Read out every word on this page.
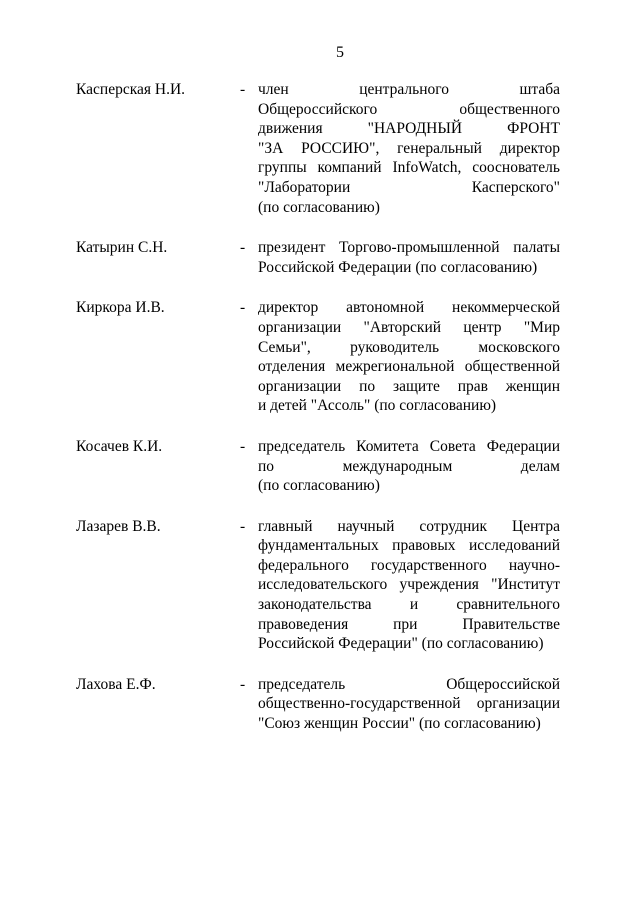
5
Касперская Н.И.	- член центрального штаба
Общероссийского общественного
движения "НАРОДНЫЙ ФРОНТ
"ЗА РОССИЮ", генеральный директор
группы компаний InfoWatch, сооснователь
"Лаборатории Касперского"
(по согласованию)
Катырин С.Н.	- президент Торгово-промышленной палаты
Российской Федерации (по согласованию)
Киркора И.В.	- директор автономной некоммерческой
организации "Авторский центр "Мир
Семьи", руководитель московского
отделения межрегиональной общественной
организации по защите прав женщин
и детей "Ассоль" (по согласованию)
Косачев К.И.	- председатель Комитета Совета Федерации
по международным делам
(по согласованию)
Лазарев В.В.	- главный научный сотрудник Центра
фундаментальных правовых исследований
федерального государственного научно-
исследовательского учреждения "Институт
законодательства и сравнительного
правоведения при Правительстве
Российской Федерации" (по согласованию)
Лахова Е.Ф.	- председатель Общероссийской
общественно-государственной организации
"Союз женщин России" (по согласованию)
